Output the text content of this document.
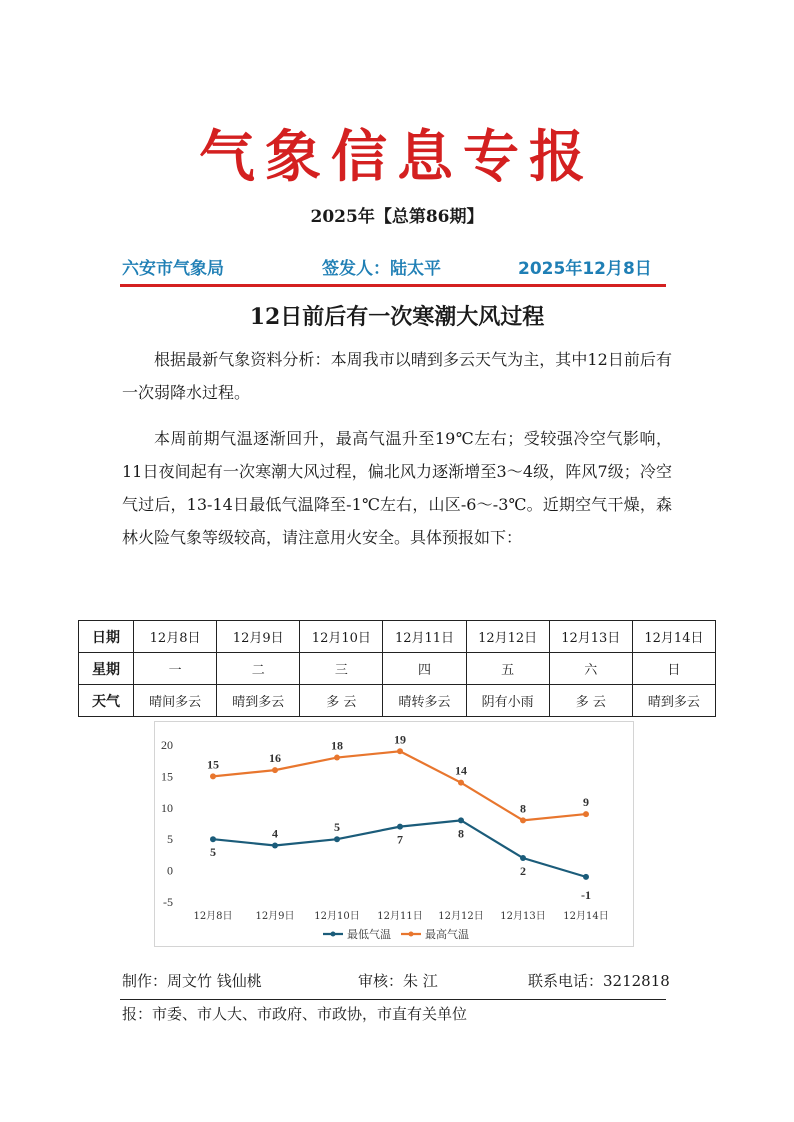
气象信息专报
2025年【总第86期】
六安市气象局	签发人：陆太平	2025年12月8日
12日前后有一次寒潮大风过程

根据最新气象资料分析：本周我市以晴到多云天气为主，其中12日前后有一次弱降水过程。

本周前期气温逐渐回升，最高气温升至19℃左右；受较强冷空气影响，11日夜间起有一次寒潮大风过程，偏北风力逐渐增至3～4级，阵风7级；冷空气过后，13-14日最低气温降至-1℃左右，山区-6～-3℃。近期空气干燥，森林火险气象等级较高，请注意用火安全。具体预报如下：

日期	12月8日	12月9日	12月10日	12月11日	12月12日	12月13日	12月14日
星期	一	二	三	四	五	六	日
天气	晴间多云	晴到多云	多 云	晴转多云	阴有小雨	多 云	晴到多云
20
15
10
5
0
-5
12月8日 12月9日 12月10日 12月11日 12月12日 12月13日 12月14日
5
4	5
7	8
2
-1
15	16
18	19
14
8	9
最低气温	最高气温
制作：周文竹 钱仙桃	审核：朱 江	联系电话：3212818
报：市委、市人大、市政府、市政协，市直有关单位
